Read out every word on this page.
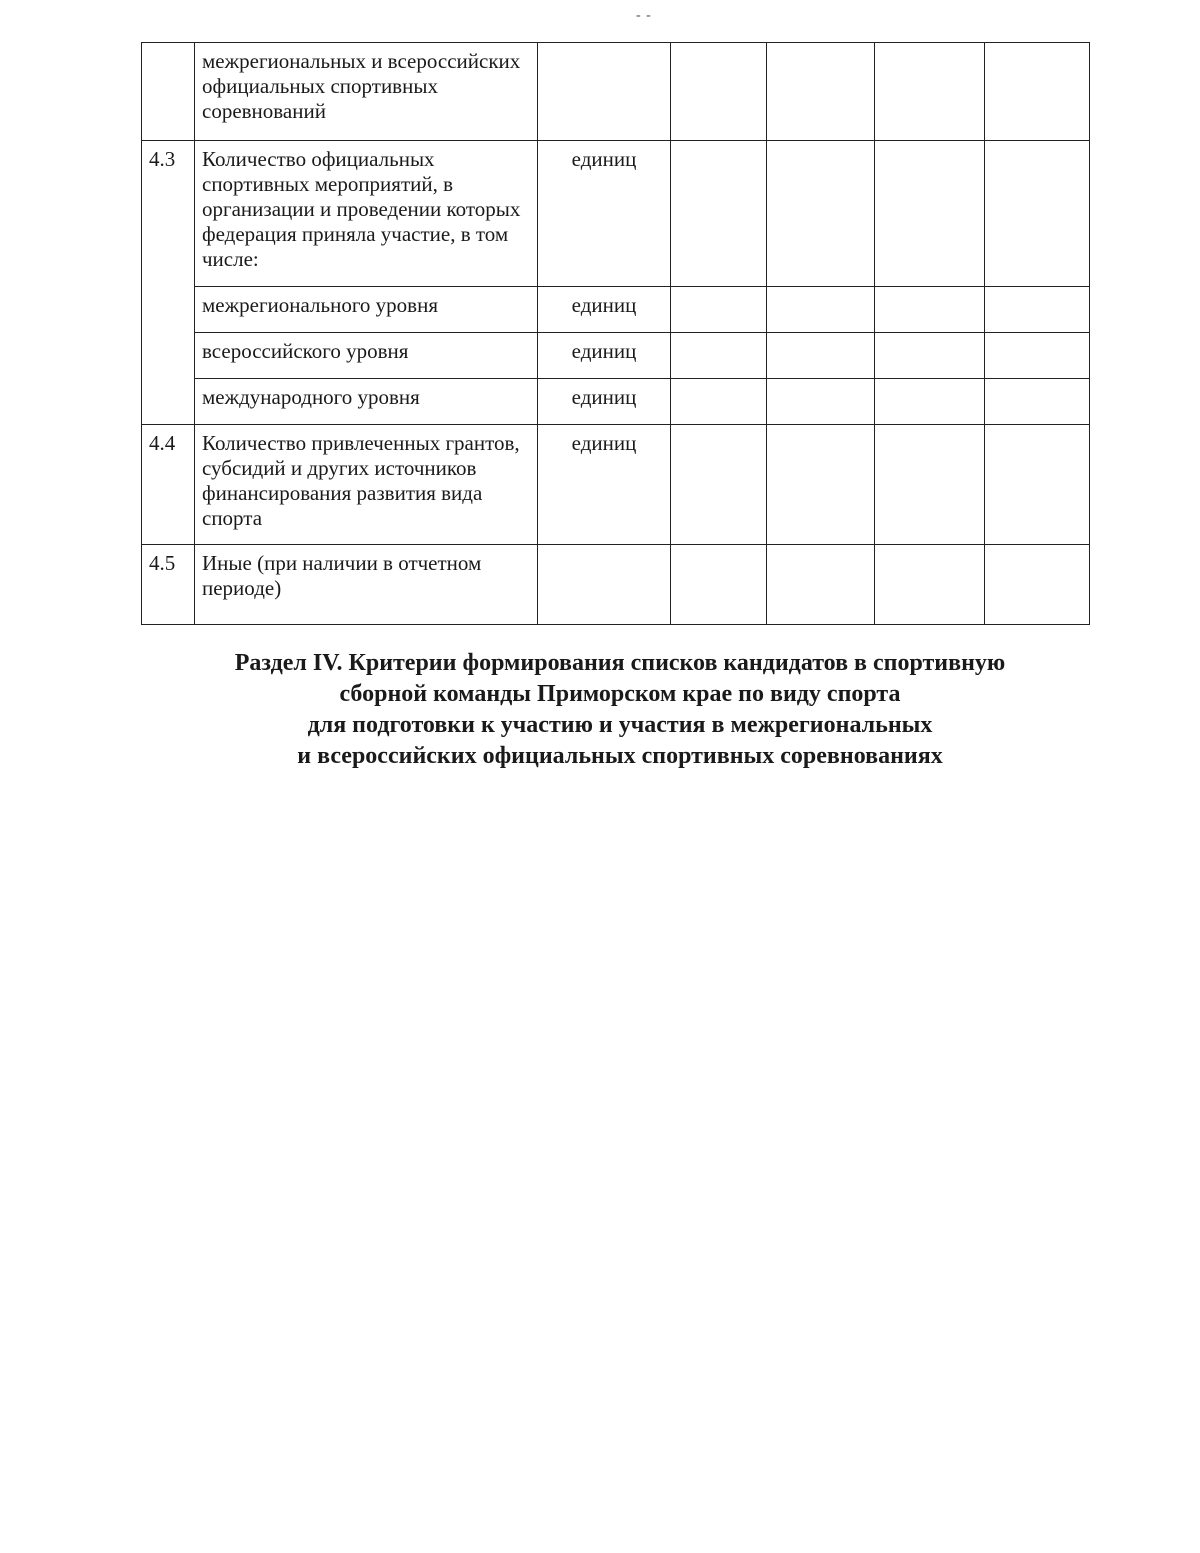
- -
	межрегиональных и всероссийских официальных спортивных соревнований					
4.3	Количество официальных спортивных мероприятий, в организации и проведении которых федерация приняла участие, в том числе:	единиц				
	межрегионального уровня	единиц				
	всероссийского уровня	единиц				
	международного уровня	единиц				
4.4	Количество привлеченных грантов, субсидий и других источников финансирования развития вида спорта	единиц				
4.5	Иные (при наличии в отчетном периоде)					
Раздел IV. Критерии формирования списков кандидатов в спортивную
сборной команды Приморском крае по виду спорта
для подготовки к участию и участия в межрегиональных
и всероссийских официальных спортивных соревнованиях
